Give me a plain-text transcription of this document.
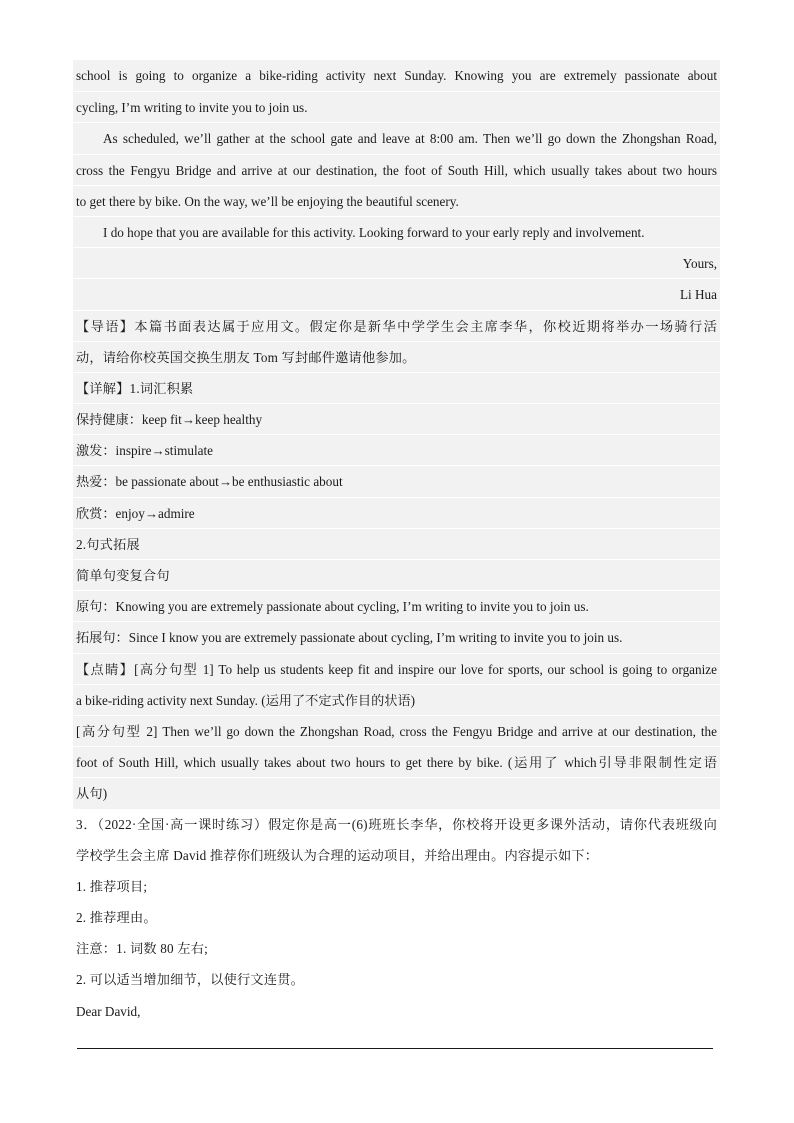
school is going to organize a bike-riding activity next Sunday. Knowing you are extremely passionate about
cycling, I’m writing to invite you to join us.
As scheduled, we’ll gather at the school gate and leave at 8:00 am. Then we’ll go down the Zhongshan Road,
cross the Fengyu Bridge and arrive at our destination, the foot of South Hill, which usually takes about two hours
to get there by bike. On the way, we’ll be enjoying the beautiful scenery.
I do hope that you are available for this activity. Looking forward to your early reply and involvement.
Yours,
Li Hua
【导语】本篇书面表达属于应用文。假定你是新华中学学生会主席李华，你校近期将举办一场骑行活
动，请给你校英国交换生朋友 Tom 写封邮件邀请他参加。
【详解】1.词汇积累
保持健康：keep fit→keep healthy
激发：inspire→stimulate
热爱：be passionate about→be enthusiastic about
欣赏：enjoy→admire
2.句式拓展
简单句变复合句
原句：Knowing you are extremely passionate about cycling, I’m writing to invite you to join us.
拓展句：Since I know you are extremely passionate about cycling, I’m writing to invite you to join us.
【点睛】[高分句型 1] To help us students keep fit and inspire our love for sports, our school is going to organize
a bike-riding activity next Sunday. (运用了不定式作目的状语)
[高分句型 2] Then we’ll go down the Zhongshan Road, cross the Fengyu Bridge and arrive at our destination, the
foot of South Hill, which usually takes about two hours to get there by bike. (运用了 which引导非限制性定语
从句)
3．（2022·全国·高一课时练习）假定你是高一(6)班班长李华，你校将开设更多课外活动，请你代表班级向
学校学生会主席 David 推荐你们班级认为合理的运动项目，并给出理由。内容提示如下：
1. 推荐项目;
2. 推荐理由。
注意：1. 词数 80 左右;
2. 可以适当增加细节，以使行文连贯。
Dear David,
